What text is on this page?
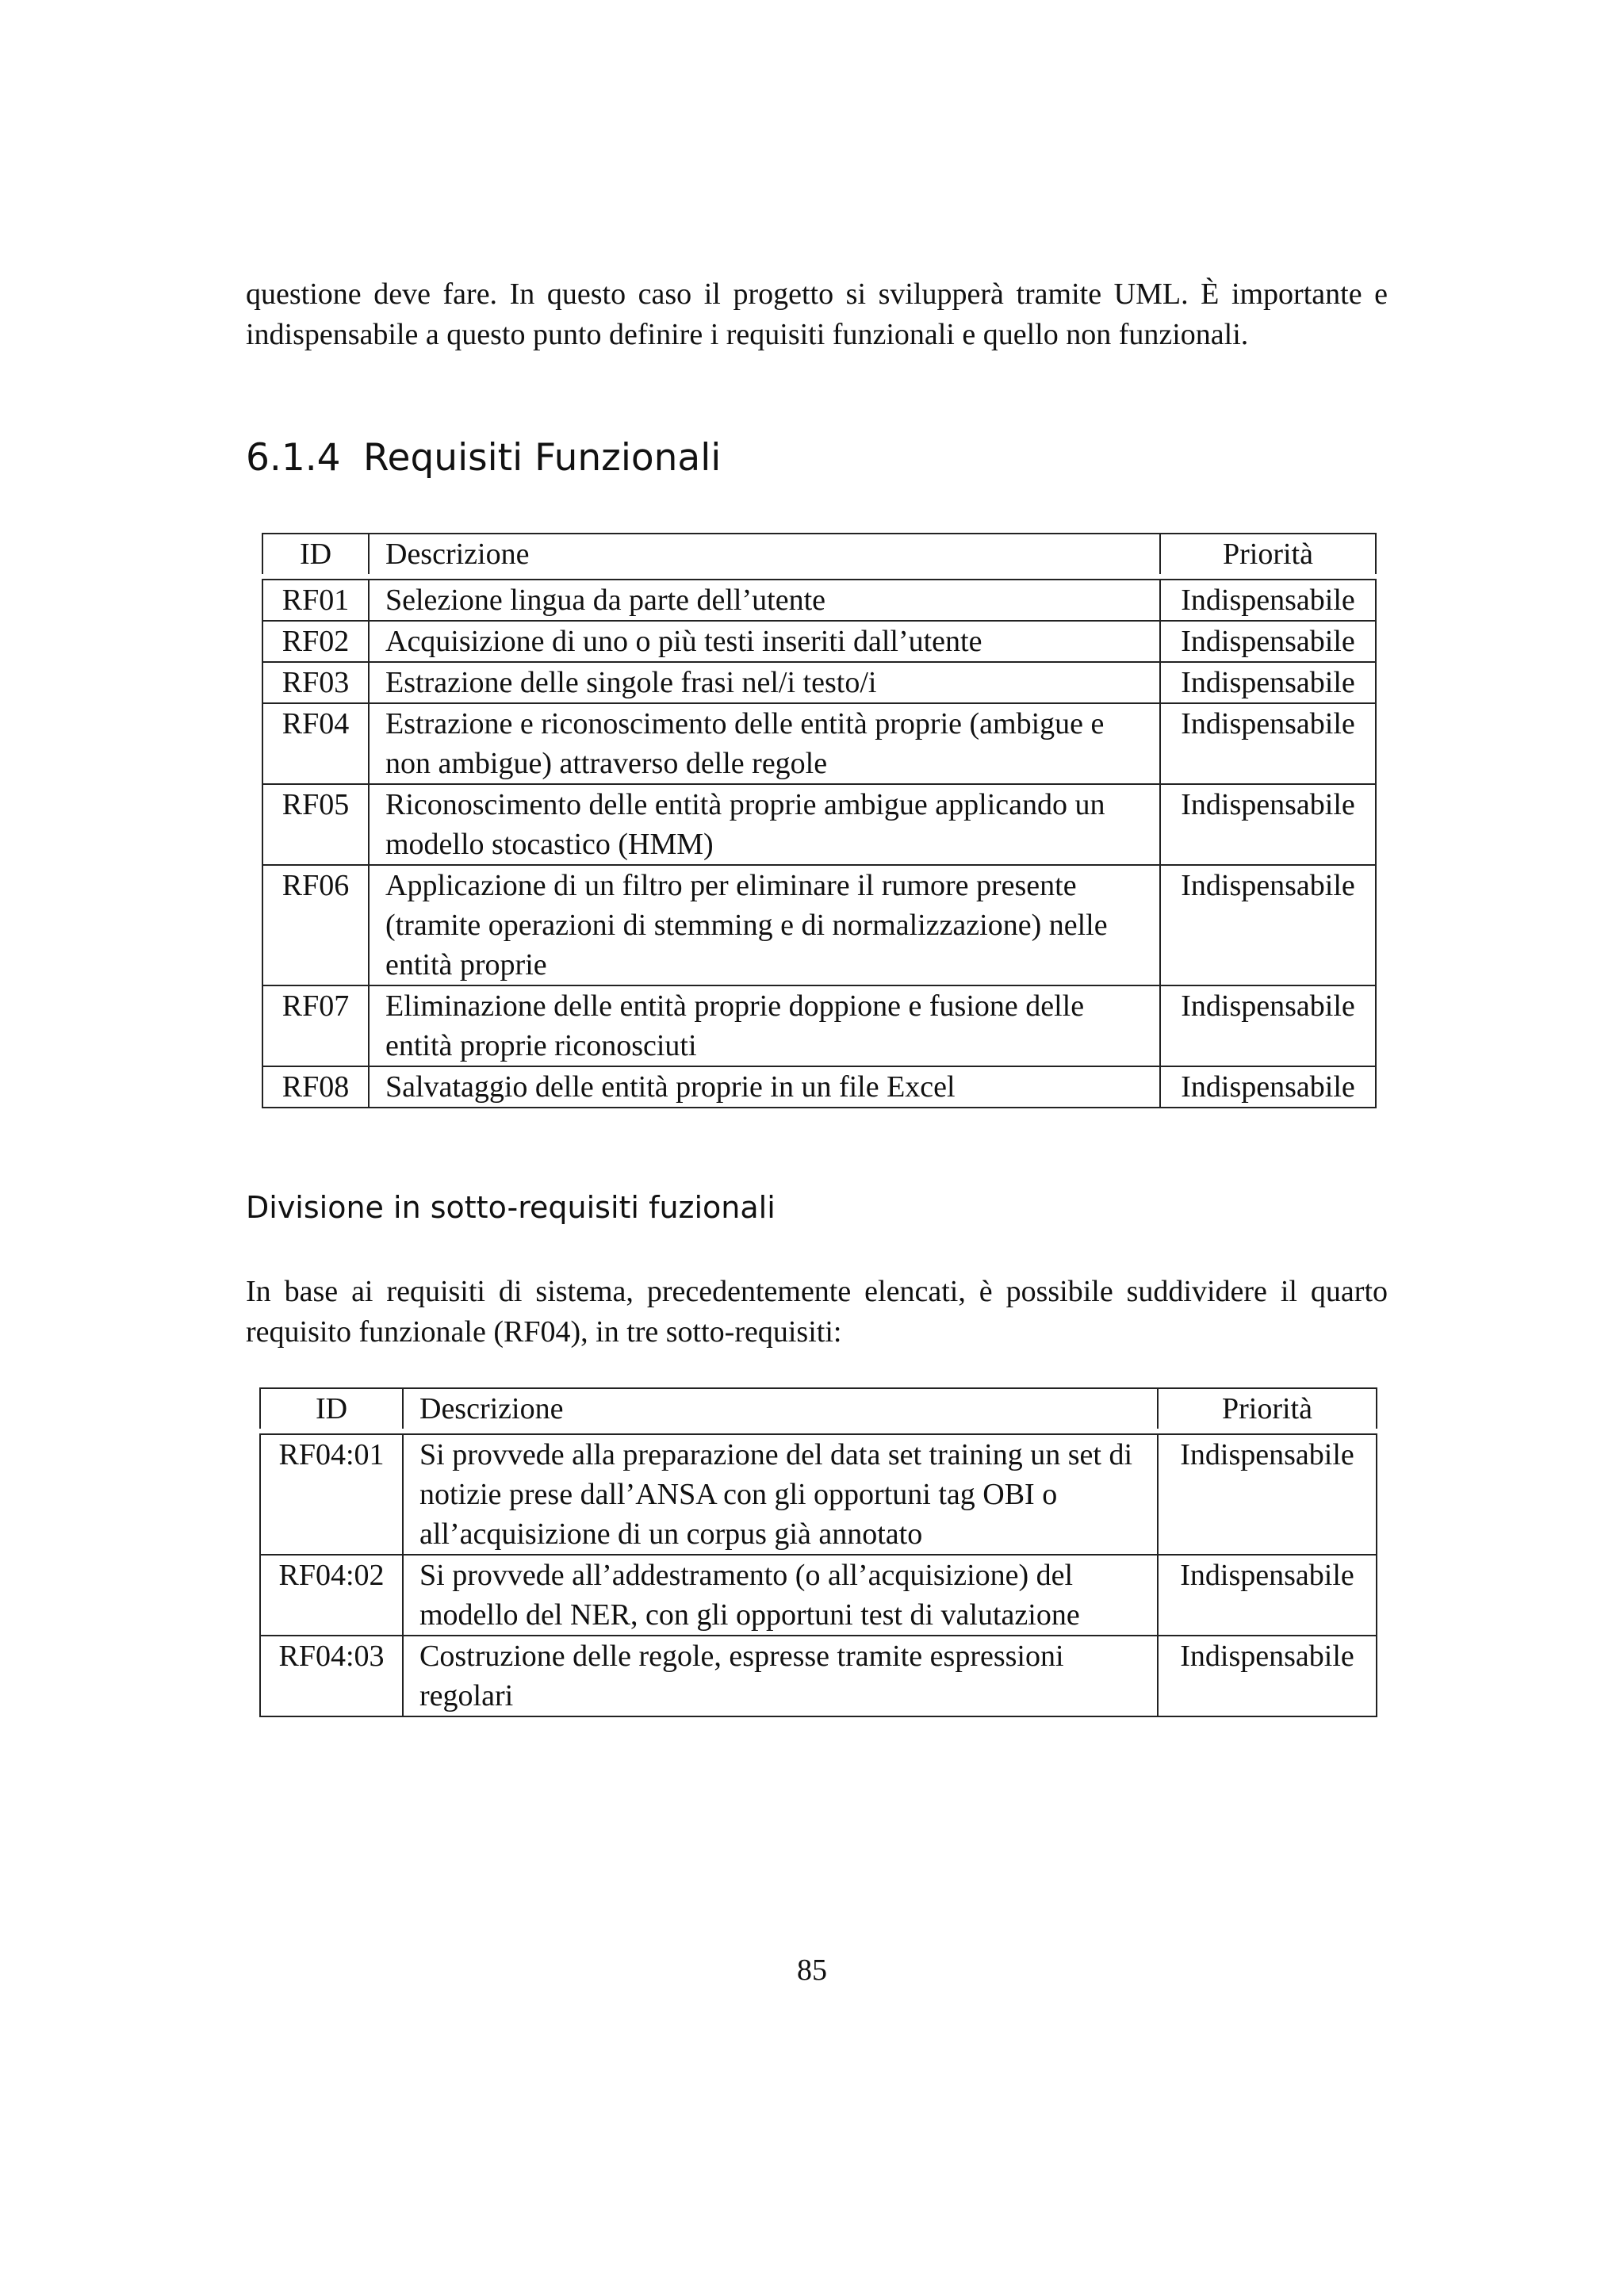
questione deve fare. In questo caso il progetto si svilupperà tramite UML. È importante e indispensabile a questo punto definire i requisiti funzionali e quello non funzionali.

6.1.4 Requisiti Funzionali
ID	Descrizione	Priorità

RF01	Selezione lingua da parte dell’utente	Indispensabile
RF02	Acquisizione di uno o più testi inseriti dall’utente	Indispensabile
RF03	Estrazione delle singole frasi nel/i testo/i	Indispensabile
RF04	Estrazione e riconoscimento delle entità proprie (ambigue e non ambigue) attraverso delle regole	Indispensabile
RF05	Riconoscimento delle entità proprie ambigue applicando un modello stocastico (HMM)	Indispensabile
RF06	Applicazione di un filtro per eliminare il rumore presente (tramite operazioni di stemming e di normalizzazione) nelle entità proprie	Indispensabile
RF07	Eliminazione delle entità proprie doppione e fusione delle entità proprie riconosciuti	Indispensabile
RF08	Salvataggio delle entità proprie in un file Excel	Indispensabile
Divisione in sotto-requisiti fuzionali

In base ai requisiti di sistema, precedentemente elencati, è possibile suddividere il quarto requisito funzionale (RF04), in tre sotto-requisiti:

ID	Descrizione	Priorità

RF04:01	Si provvede alla preparazione del data set training un set di notizie prese dall’ANSA con gli opportuni tag OBI o all’acquisizione di un corpus già annotato	Indispensabile
RF04:02	Si provvede all’addestramento (o all’acquisizione) del modello del NER, con gli opportuni test di valutazione	Indispensabile
RF04:03	Costruzione delle regole, espresse tramite espressioni regolari	Indispensabile
85
